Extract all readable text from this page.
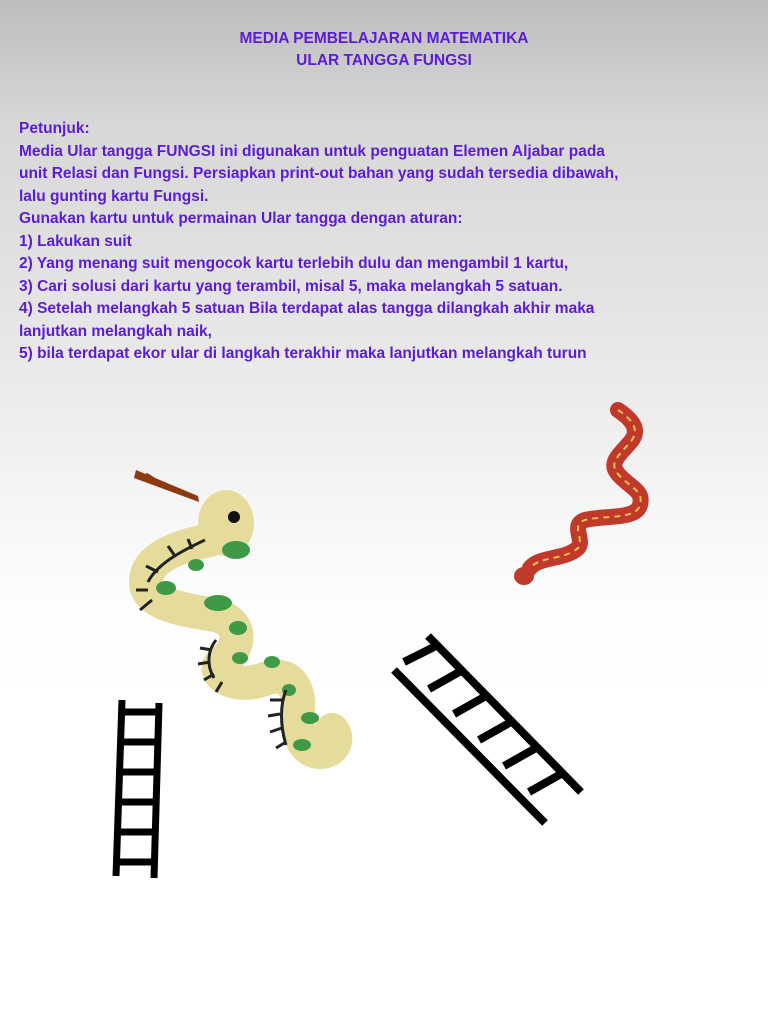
MEDIA PEMBELAJARAN MATEMATIKA
ULAR TANGGA FUNGSI
Petunjuk:
Media Ular tangga FUNGSI ini digunakan untuk penguatan Elemen Aljabar pada
unit Relasi dan Fungsi. Persiapkan print-out bahan yang sudah tersedia dibawah,
lalu gunting kartu Fungsi.
Gunakan kartu untuk permainan Ular tangga dengan aturan:
1) Lakukan suit
2) Yang menang suit mengocok kartu terlebih dulu dan mengambil 1 kartu,
3) Cari solusi dari kartu yang terambil, misal 5, maka melangkah 5 satuan.
4) Setelah melangkah 5 satuan Bila terdapat alas tangga dilangkah akhir maka
lanjutkan melangkah naik,
5) bila terdapat ekor ular di langkah terakhir maka lanjutkan melangkah turun
